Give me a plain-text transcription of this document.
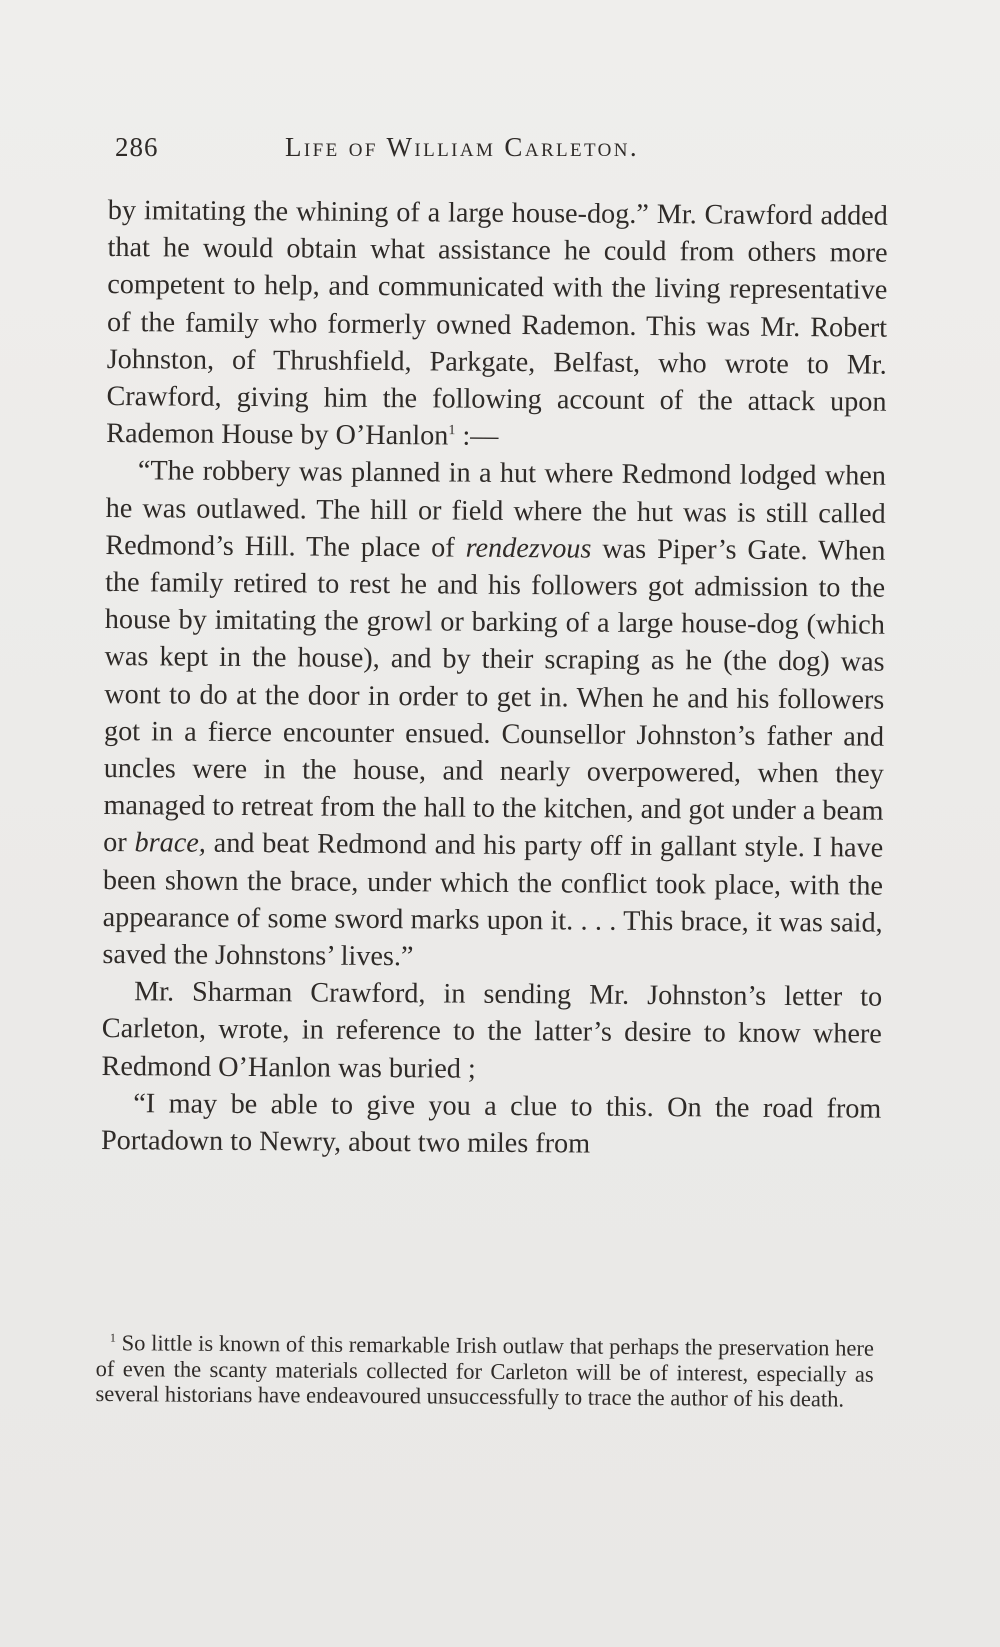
286	Life of William Carleton.

by imitating the whining of a large house-dog.” Mr. Crawford added that he would obtain what assistance he could from others more competent to help, and communicated with the living representative of the family who formerly owned Rademon. This was Mr. Robert Johnston, of Thrushfield, Parkgate, Belfast, who wrote to Mr. Crawford, giving him the following account of the attack upon Rademon House by O’Hanlon$^1$ :—

“The robbery was planned in a hut where Redmond lodged when he was outlawed. The hill or field where the hut was is still called Redmond’s Hill. The place of rendezvous was Piper’s Gate. When the family retired to rest he and his followers got admission to the house by imitating the growl or barking of a large house-dog (which was kept in the house), and by their scraping as he (the dog) was wont to do at the door in order to get in. When he and his followers got in a fierce encounter ensued. Counsellor Johnston’s father and uncles were in the house, and nearly overpowered, when they managed to retreat from the hall to the kitchen, and got under a beam or brace, and beat Redmond and his party off in gallant style. I have been shown the brace, under which the conflict took place, with the appearance of some sword marks upon it. . . . This brace, it was said, saved the Johnstons’ lives.”

Mr. Sharman Crawford, in sending Mr. Johnston’s letter to Carleton, wrote, in reference to the latter’s desire to know where Redmond O’Hanlon was buried ;

“I may be able to give you a clue to this. On the road from Portadown to Newry, about two miles from

$^1$ So little is known of this remarkable Irish outlaw that perhaps the preservation here of even the scanty materials collected for Carleton will be of interest, especially as several historians have endeavoured unsuccessfully to trace the author of his death.
